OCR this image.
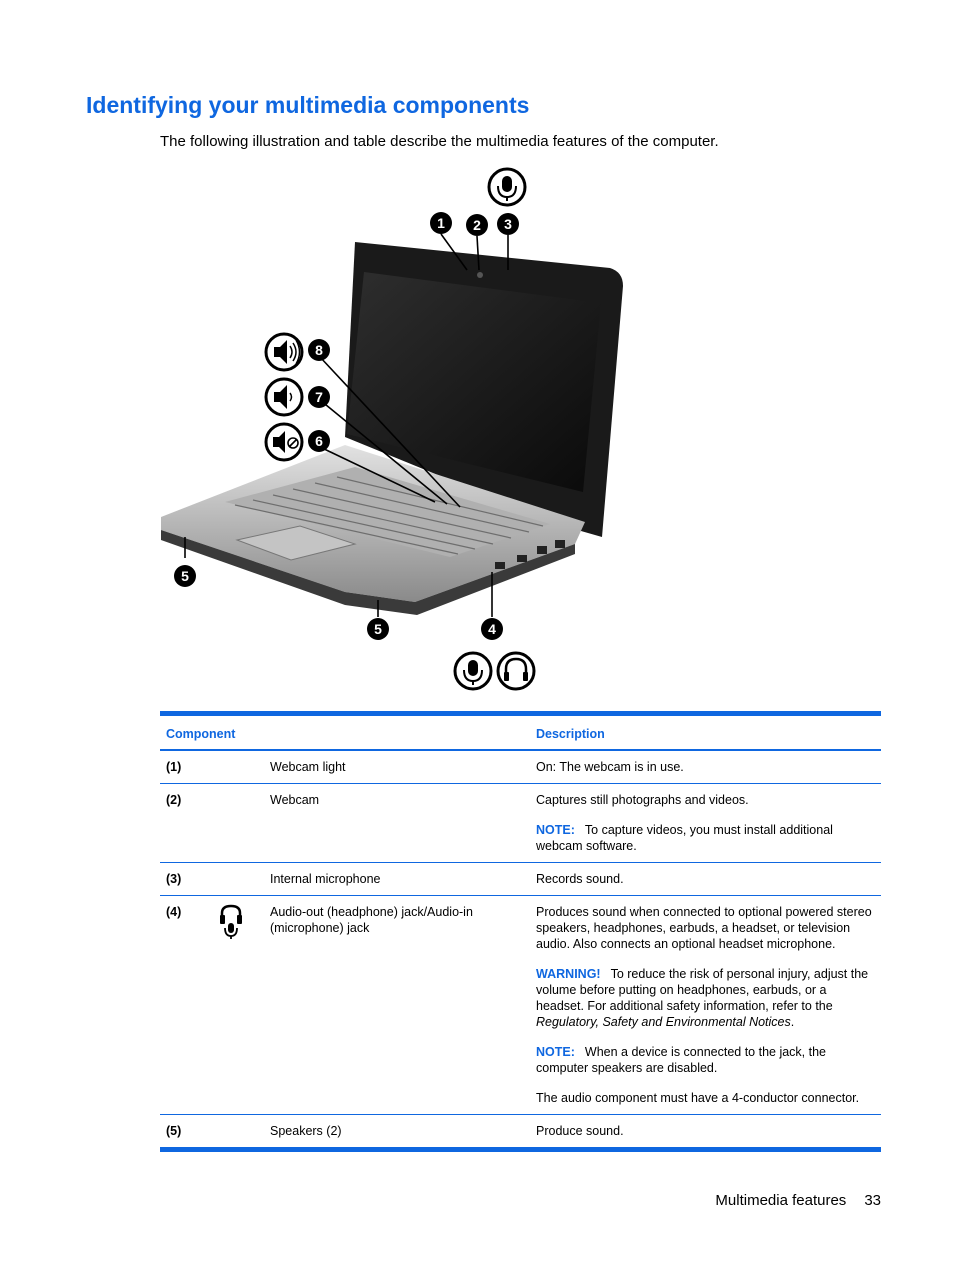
Identifying your multimedia components

The following illustration and table describe the multimedia features of the computer.

1 2 3
4
5
5
6
7
8
Component			Description
(1)		Webcam light	On: The webcam is in use.

(2)		Webcam	Captures still photographs and videos.

NOTE: To capture videos, you must install additional webcam software.

(3)		Internal microphone	Records sound.

(4)		Audio-out (headphone) jack/Audio-in (microphone) jack	Produces sound when connected to optional powered stereo speakers, headphones, earbuds, a headset, or television audio. Also connects an optional headset microphone.

WARNING! To reduce the risk of personal injury, adjust the volume before putting on headphones, earbuds, or a headset. For additional safety information, refer to the Regulatory, Safety and Environmental Notices.

NOTE: When a device is connected to the jack, the computer speakers are disabled.

The audio component must have a 4-conductor connector.

(5)		Speakers (2)	Produce sound.

Multimedia features 33
